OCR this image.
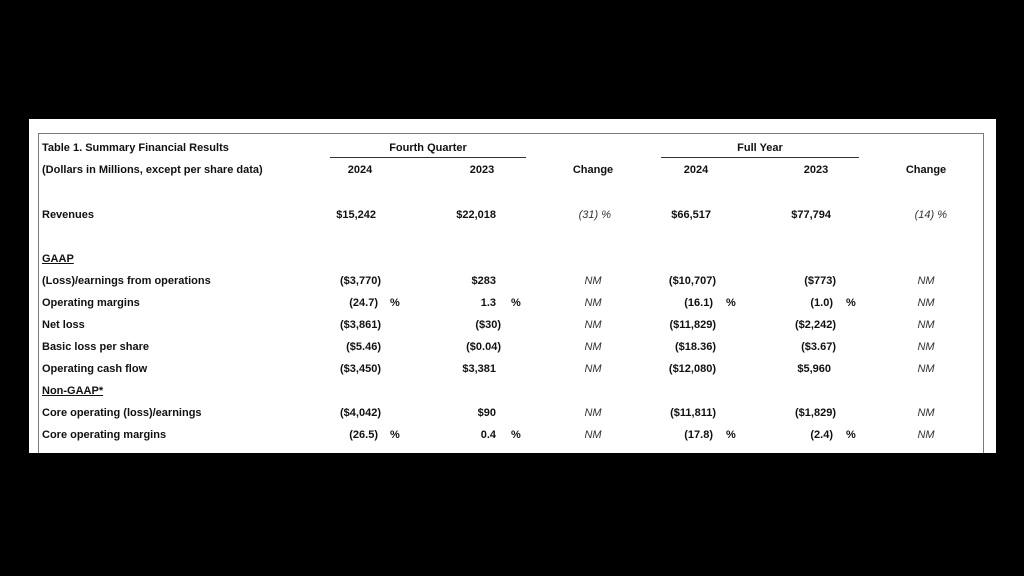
Table 1. Summary Financial Results
(Dollars in Millions, except per share data)
Fourth Quarter	Full Year
2024	2023	Change	2024	2023	Change
Revenues	$15,242	$22,018	(31) %	$66,517	$77,794	(14) %
GAAP
(Loss)/earnings from operations	($3,770)	$283	NM	($10,707)	($773)	NM
Operating margins	(24.7) %	1.3 %	NM	(16.1) %	(1.0) %	NM
Net loss	($3,861)	($30)	NM	($11,829)	($2,242)	NM
Basic loss per share	($5.46)	($0.04)	NM	($18.36)	($3.67)	NM
Operating cash flow	($3,450)	$3,381	NM	($12,080)	$5,960	NM
Non-GAAP*
Core operating (loss)/earnings	($4,042)	$90	NM	($11,811)	($1,829)	NM
Core operating margins	(26.5) %	0.4 %	NM	(17.8) %	(2.4) %	NM
